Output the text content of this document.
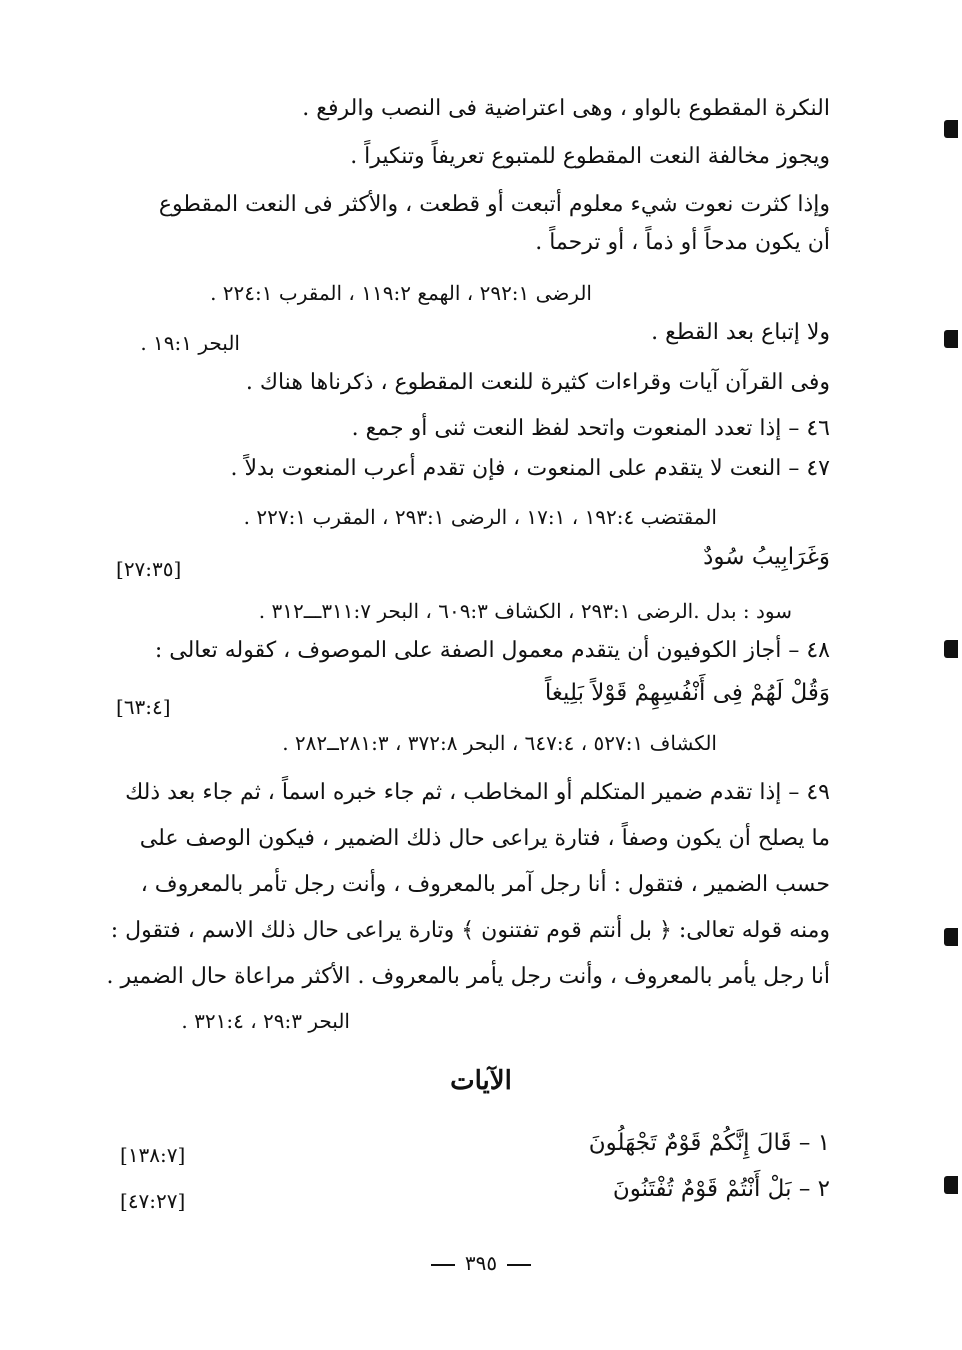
النكرة المقطوع بالواو ، وهى اعتراضية فى النصب والرفع .

ويجوز مخالفة النعت المقطوع للمتبوع تعريفاً وتنكيراً .

وإذا كثرت نعوت شيء معلوم أتبعت أو قطعت ، والأكثر فى النعت المقطوع

أن يكون مدحاً أو ذماً ، أو ترحماً .

الرضى ٢٩٢:١ ، الهمع ١١٩:٢ ، المقرب ٢٢٤:١ .

ولا إتباع بعد القطع .

البحر ١٩:١ .

وفى القرآن آيات وقراءات كثيرة للنعت المقطوع ، ذكرناها هناك .

٤٦ – إذا تعدد المنعوت واتحد لفظ النعت ثنى أو جمع .

٤٧ – النعت لا يتقدم على المنعوت ، فإن تقدم أعرب المنعوت بدلاً .

المقتضب ١٩٢:٤ ، ١٧:١ ، الرضى ٢٩٣:١ ، المقرب ٢٢٧:١ .

وَغَرَابِيبُ سُودٌ

[٢٧:٣٥]

سود : بدل .الرضى ٢٩٣:١ ، الكشاف ٦٠٩:٣ ، البحر ٣١١:٧ـــ٣١٢ .

٤٨ – أجاز الكوفيون أن يتقدم معمول الصفة على الموصوف ، كقوله تعالى :

وَقُلْ لَهُمْ فِى أَنْفُسِهِمْ قَوْلاً بَلِيغاً

[٦٣:٤]

الكشاف ٥٢٧:١ ، ٦٤٧:٤ ، البحر ٣٧٢:٨ ، ٢٨١:٣ــ٢٨٢ .

٤٩ – إذا تقدم ضمير المتكلم أو المخاطب ، ثم جاء خبره اسماً ، ثم جاء بعد ذلك

ما يصلح أن يكون وصفاً ، فتارة يراعى حال ذلك الضمير ، فيكون الوصف على

حسب الضمير ، فتقول : أنا رجل آمر بالمعروف ، وأنت رجل تأمر بالمعروف ،

ومنه قوله تعالى: ﴿ بل أنتم قوم تفتنون ﴾ وتارة يراعى حال ذلك الاسم ، فتقول :

أنا رجل يأمر بالمعروف ، وأنت رجل يأمر بالمعروف . الأكثر مراعاة حال الضمير .

البحر ٢٩:٣ ، ٣٢١:٤ .

الآيات

١ – قَالَ إِنَّكُمْ قَوْمٌ تَجْهَلُونَ

[١٣٨:٧]

٢ – بَلْ أَنْتُمْ قَوْمٌ تُفْتَنُونَ

[٤٧:٢٧]

٣٩٥
